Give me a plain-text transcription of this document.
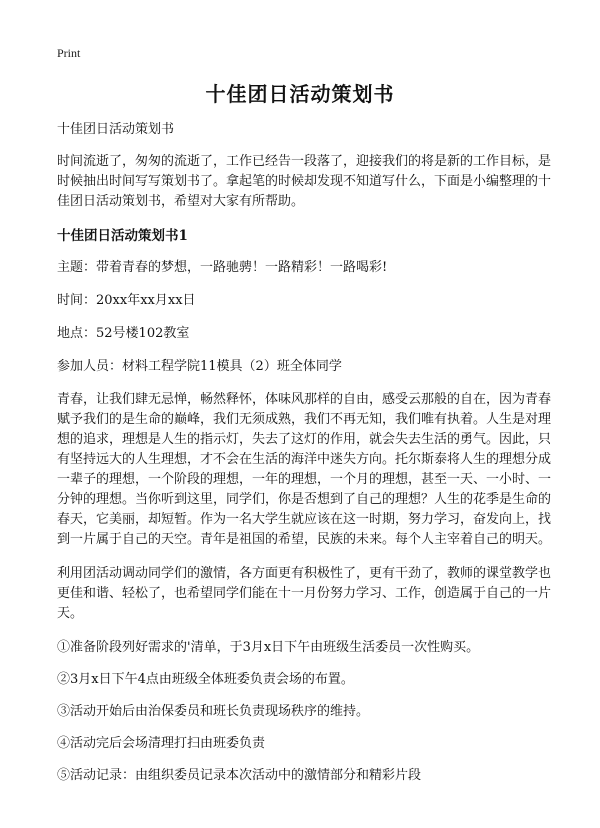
Print
十佳团日活动策划书

十佳团日活动策划书

时间流逝了，匆匆的流逝了，工作已经告一段落了，迎接我们的将是新的工作目标，是时候抽出时间写写策划书了。拿起笔的时候却发现不知道写什么，下面是小编整理的十佳团日活动策划书，希望对大家有所帮助。

十佳团日活动策划书1

主题：带着青春的梦想，一路驰骋！一路精彩！一路喝彩!

时间：20xx年xx月xx日

地点：52号楼102教室

参加人员：材料工程学院11模具（2）班全体同学

青春，让我们肆无忌惮，畅然释怀，体味风那样的自由，感受云那般的自在，因为青春赋予我们的是生命的巅峰，我们无须成熟，我们不再无知，我们唯有执着。人生是对理想的追求，理想是人生的指示灯，失去了这灯的作用，就会失去生活的勇气。因此，只有坚持远大的人生理想，才不会在生活的海洋中迷失方向。托尔斯泰将人生的理想分成一辈子的理想，一个阶段的理想，一年的理想，一个月的理想，甚至一天、一小时、一分钟的理想。当你听到这里，同学们，你是否想到了自己的理想？人生的花季是生命的春天，它美丽，却短暂。作为一名大学生就应该在这一时期，努力学习，奋发向上，找到一片属于自己的天空。青年是祖国的希望，民族的未来。每个人主宰着自己的明天。

利用团活动调动同学们的激情，各方面更有积极性了，更有干劲了，教师的课堂教学也更佳和谐、轻松了，也希望同学们能在十一月份努力学习、工作，创造属于自己的一片天。

①准备阶段列好需求的'清单，于3月x日下午由班级生活委员一次性购买。

②3月x日下午4点由班级全体班委负责会场的布置。

③活动开始后由治保委员和班长负责现场秩序的维持。

④活动完后会场清理打扫由班委负责

⑤活动记录：由组织委员记录本次活动中的激情部分和精彩片段
